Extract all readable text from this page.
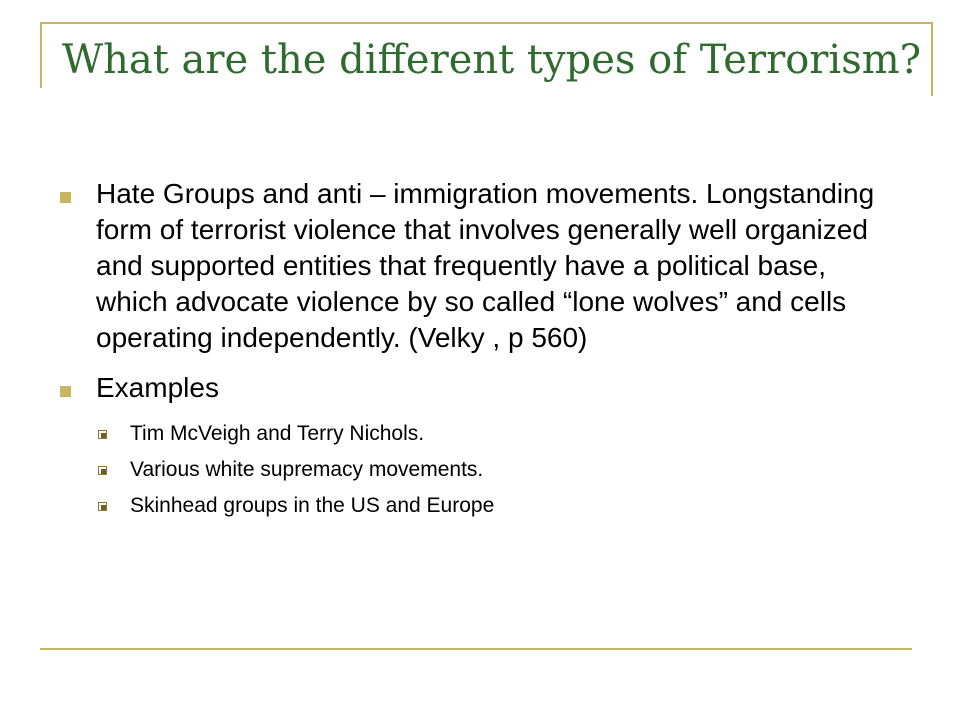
What are the different types of Terrorism?
Hate Groups and anti – immigration movements. Longstanding form of terrorist violence that involves generally well organized and supported entities that frequently have a political base, which advocate violence by so called “lone wolves” and cells operating independently. (Velky , p 560)
Examples
Tim McVeigh and Terry Nichols.
Various white supremacy movements.
Skinhead groups in the US and Europe
